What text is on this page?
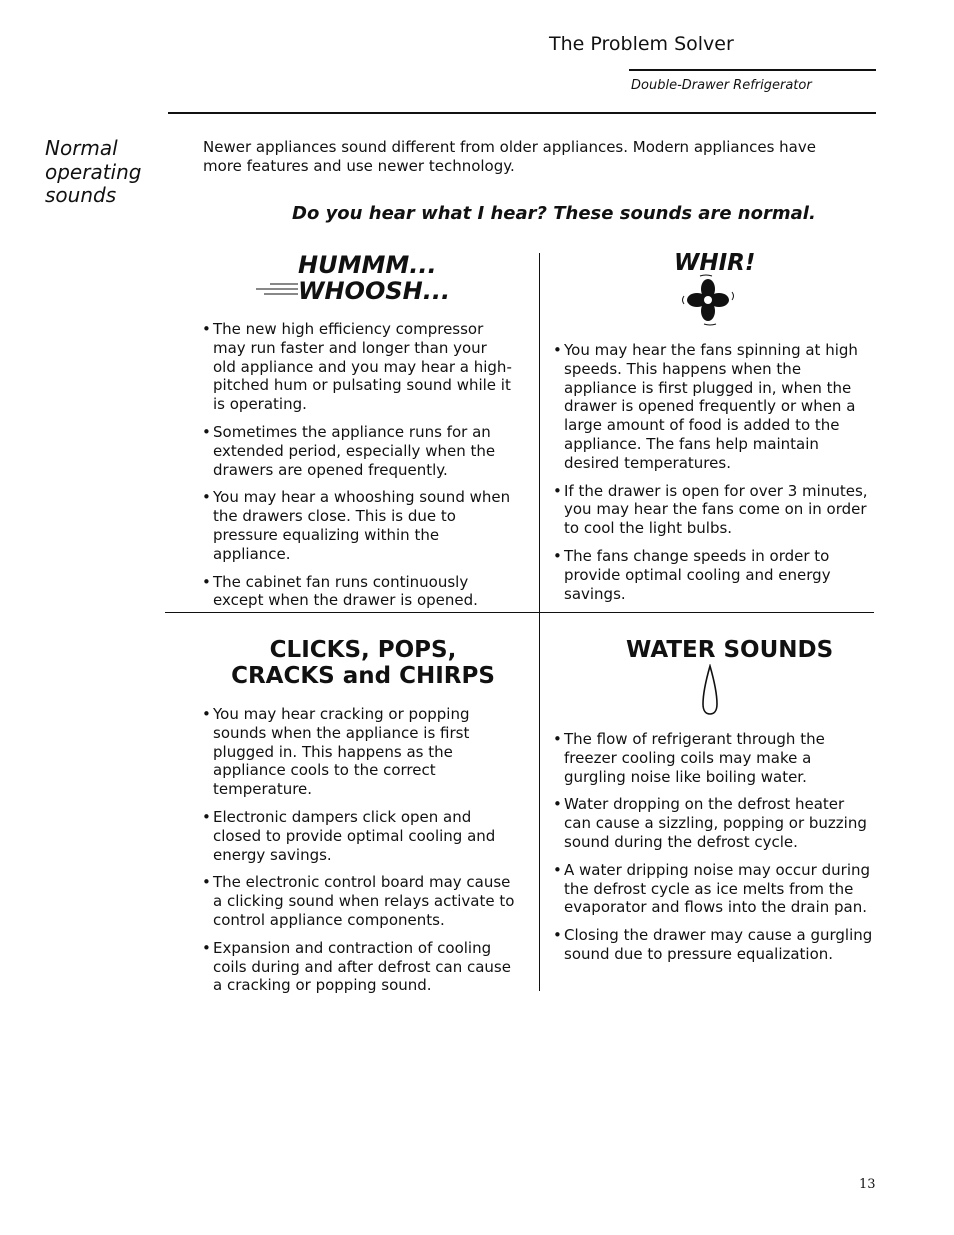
The Problem Solver
Double-Drawer Refrigerator
Normal operating sounds
Newer appliances sound different from older appliances. Modern appliances have more features and use newer technology.
Do you hear what I hear? These sounds are normal.
HUMMM...
WHOOSH...
• The new high efficiency compressor may run faster and longer than your old appliance and you may hear a high-pitched hum or pulsating sound while it is operating.
• Sometimes the appliance runs for an extended period, especially when the drawers are opened frequently.
• You may hear a whooshing sound when the drawers close. This is due to pressure equalizing within the appliance.
• The cabinet fan runs continuously except when the drawer is opened.
WHIR!
• You may hear the fans spinning at high speeds. This happens when the appliance is first plugged in, when the drawer is opened frequently or when a large amount of food is added to the appliance. The fans help maintain desired temperatures.
• If the drawer is open for over 3 minutes, you may hear the fans come on in order to cool the light bulbs.
• The fans change speeds in order to provide optimal cooling and energy savings.
CLICKS, POPS,
CRACKS and CHIRPS
• You may hear cracking or popping sounds when the appliance is first plugged in. This happens as the appliance cools to the correct temperature.
• Electronic dampers click open and closed to provide optimal cooling and energy savings.
• The electronic control board may cause a clicking sound when relays activate to control appliance components.
• Expansion and contraction of cooling coils during and after defrost can cause a cracking or popping sound.
WATER SOUNDS
• The flow of refrigerant through the freezer cooling coils may make a gurgling noise like boiling water.
• Water dropping on the defrost heater can cause a sizzling, popping or buzzing sound during the defrost cycle.
• A water dripping noise may occur during the defrost cycle as ice melts from the evaporator and flows into the drain pan.
• Closing the drawer may cause a gurgling sound due to pressure equalization.
13
